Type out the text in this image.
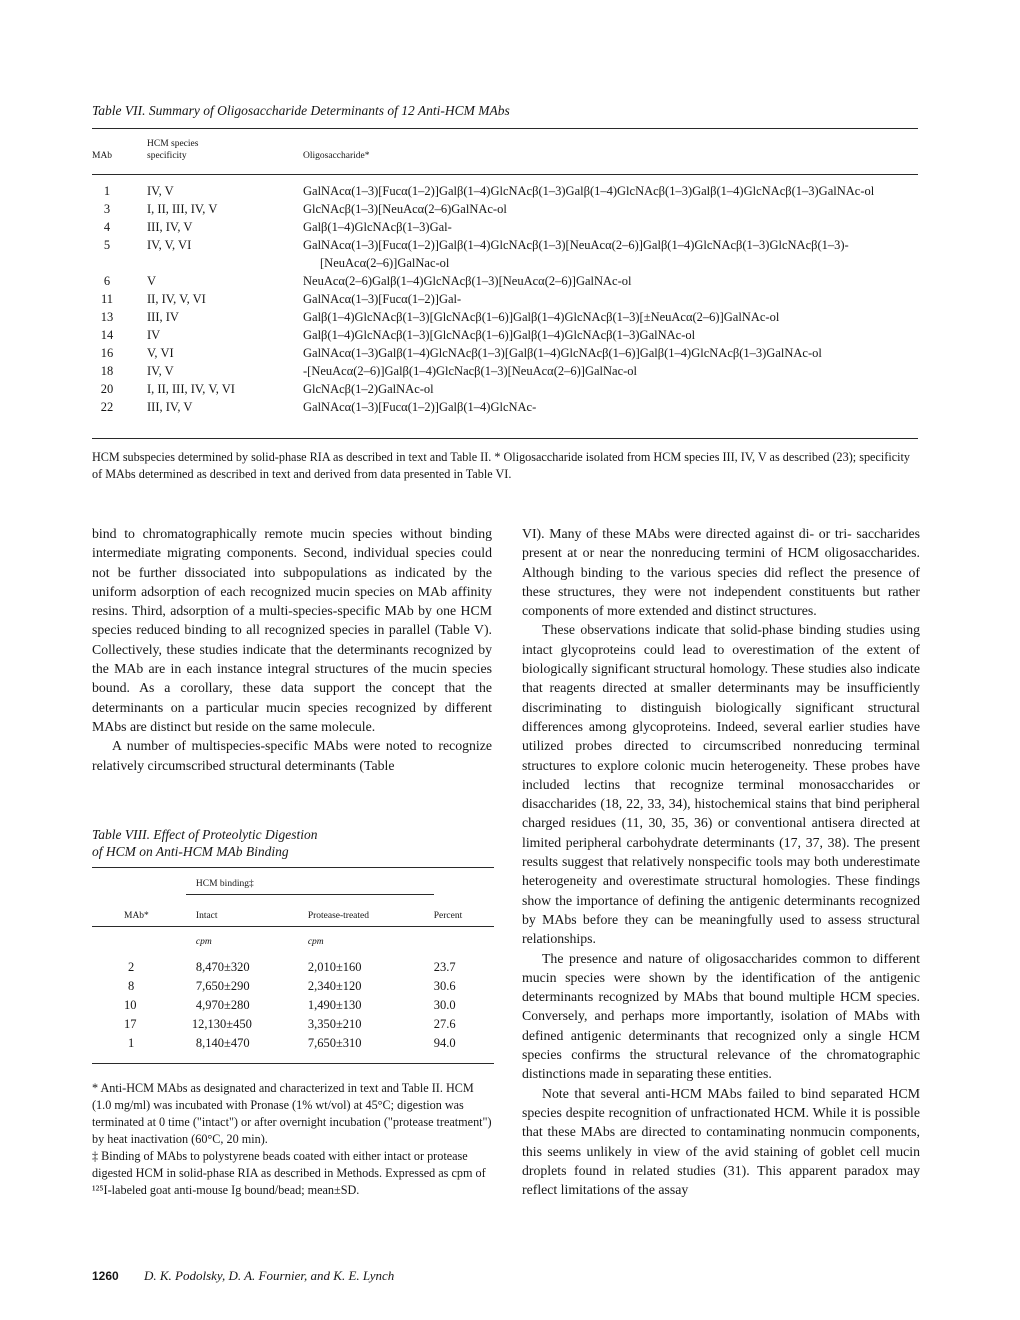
Table VII. Summary of Oligosaccharide Determinants of 12 Anti-HCM MAbs
MAb	
HCM species specificity	Oligosaccharide*
1	IV, V	GalNAcα(1–3)[Fucα(1–2)]Galβ(1–4)GlcNAcβ(1–3)Galβ(1–4)GlcNAcβ(1–3)Galβ(1–4)GlcNAcβ(1–3)GalNAc-ol
3	I, II, III, IV, V	GlcNAcβ(1–3)[NeuAcα(2–6)GalNAc-ol
4	III, IV, V	Galβ(1–4)GlcNAcβ(1–3)Gal-
5	IV, V, VI	GalNAcα(1–3)[Fucα(1–2)]Galβ(1–4)GlcNAcβ(1–3)[NeuAcα(2–6)]Galβ(1–4)GlcNAcβ(1–3)GlcNAcβ(1–3)-
[NeuAcα(2–6)]GalNac-ol

6	V	NeuAcα(2–6)Galβ(1–4)GlcNAcβ(1–3)[NeuAcα(2–6)]GalNAc-ol
11	II, IV, V, VI	GalNAcα(1–3)[Fucα(1–2)]Gal-
13	III, IV	Galβ(1–4)GlcNAcβ(1–3)[GlcNAcβ(1–6)]Galβ(1–4)GlcNAcβ(1–3)[±NeuAcα(2–6)]GalNAc-ol
14	IV	Galβ(1–4)GlcNAcβ(1–3)[GlcNAcβ(1–6)]Galβ(1–4)GlcNAcβ(1–3)GalNAc-ol
16	V, VI	GalNAcα(1–3)Galβ(1–4)GlcNAcβ(1–3)[Galβ(1–4)GlcNAcβ(1–6)]Galβ(1–4)GlcNAcβ(1–3)GalNAc-ol
18	IV, V	-[NeuAcα(2–6)]Galβ(1–4)GlcNacβ(1–3)[NeuAcα(2–6)]GalNac-ol
20	I, II, III, IV, V, VI	GlcNAcβ(1–2)GalNAc-ol
22	III, IV, V	GalNAcα(1–3)[Fucα(1–2)]Galβ(1–4)GlcNAc-
HCM subspecies determined by solid-phase RIA as described in text and Table II. * Oligosaccharide isolated from HCM species III, IV, V as described (23); specificity of MAbs determined as described in text and derived from data presented in Table VI.

bind to chromatographically remote mucin species without binding intermediate migrating components. Second, individual species could not be further dissociated into subpopulations as indicated by the uniform adsorption of each recognized mucin species on MAb affinity resins. Third, adsorption of a multi-species-specific MAb by one HCM species reduced binding to all recognized species in parallel (Table V). Collectively, these studies indicate that the determinants recognized by the MAb are in each instance integral structures of the mucin species bound. As a corollary, these data support the concept that the determinants on a particular mucin species recognized by different MAbs are distinct but reside on the same molecule.

A number of multispecies-specific MAbs were noted to recognize relatively circumscribed structural determinants (Table

Table VIII. Effect of Proteolytic Digestion
of HCM on Anti-HCM MAb Binding
	HCM binding‡		
MAb*	Intact	Protease-treated	Percent
	cpm	cpm	

2	8,470±320	2,010±160	23.7
8	7,650±290	2,340±120	30.6
10	4,970±280	1,490±130	30.0
17	12,130±450	3,350±210	27.6
1	8,140±470	7,650±310	94.0

* Anti-HCM MAbs as designated and characterized in text and Table II. HCM (1.0 mg/ml) was incubated with Pronase (1% wt/vol) at 45°C; digestion was terminated at 0 time ("intact") or after overnight incubation ("protease treatment") by heat inactivation (60°C, 20 min).

‡ Binding of MAbs to polystyrene beads coated with either intact or protease digested HCM in solid-phase RIA as described in Methods. Expressed as cpm of ¹²⁵I-labeled goat anti-mouse Ig bound/bead; mean±SD.

VI). Many of these MAbs were directed against di- or tri- saccharides present at or near the nonreducing termini of HCM oligosaccharides. Although binding to the various species did reflect the presence of these structures, they were not independent constituents but rather components of more extended and distinct structures.

These observations indicate that solid-phase binding studies using intact glycoproteins could lead to overestimation of the extent of biologically significant structural homology. These studies also indicate that reagents directed at smaller determinants may be insufficiently discriminating to distinguish biologically significant structural differences among glycoproteins. Indeed, several earlier studies have utilized probes directed to circumscribed nonreducing terminal structures to explore colonic mucin heterogeneity. These probes have included lectins that recognize terminal monosaccharides or disaccharides (18, 22, 33, 34), histochemical stains that bind peripheral charged residues (11, 30, 35, 36) or conventional antisera directed at limited peripheral carbohydrate determinants (17, 37, 38). The present results suggest that relatively nonspecific tools may both underestimate heterogeneity and overestimate structural homologies. These findings show the importance of defining the antigenic determinants recognized by MAbs before they can be meaningfully used to assess structural relationships.

The presence and nature of oligosaccharides common to different mucin species were shown by the identification of the antigenic determinants recognized by MAbs that bound multiple HCM species. Conversely, and perhaps more importantly, isolation of MAbs with defined antigenic determinants that recognized only a single HCM species confirms the structural relevance of the chromatographic distinctions made in separating these entities.

Note that several anti-HCM MAbs failed to bind separated HCM species despite recognition of unfractionated HCM. While it is possible that these MAbs are directed to contaminating nonmucin components, this seems unlikely in view of the avid staining of goblet cell mucin droplets found in related studies (31). This apparent paradox may reflect limitations of the assay

1260 D. K. Podolsky, D. A. Fournier, and K. E. Lynch
